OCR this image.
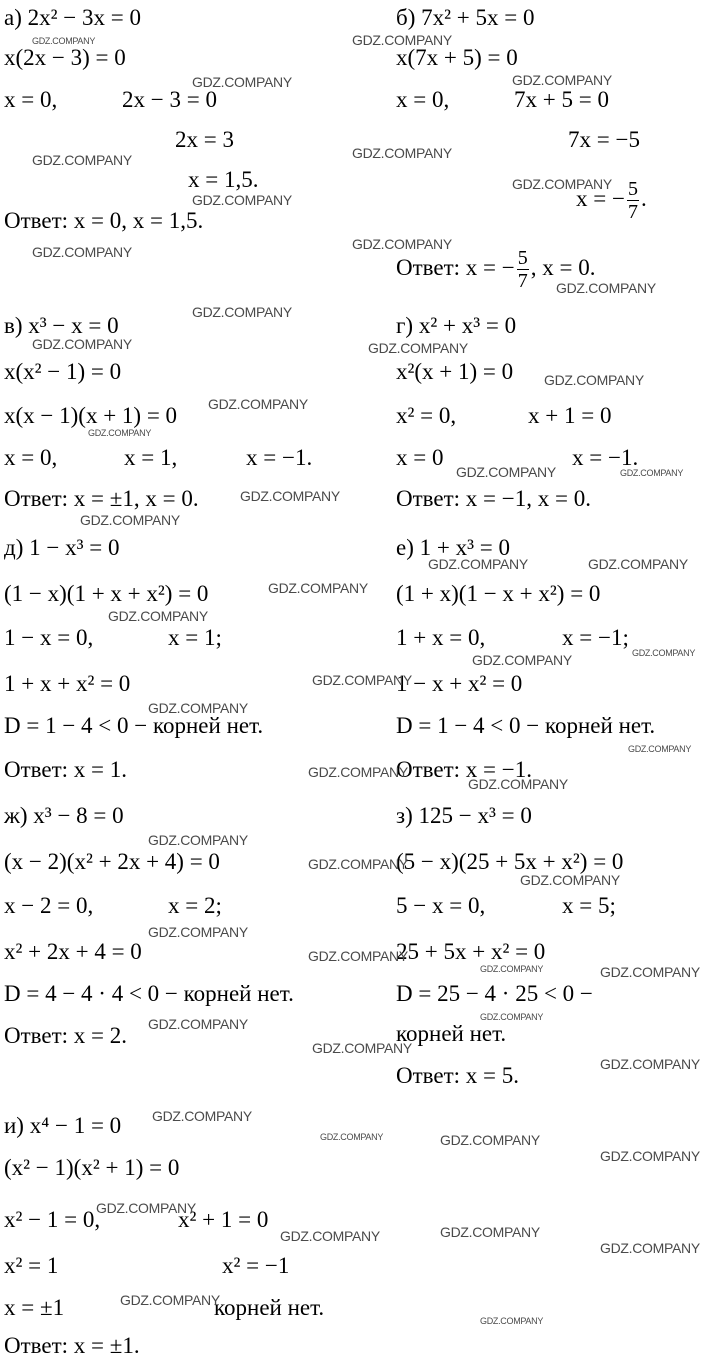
а) 2x² − 3x = 0
x(2x − 3) = 0
x = 0,	2x − 3 = 0
2x = 3
x = 1,5.
Ответ: x = 0, x = 1,5.
б) 7x² + 5x = 0
x(7x + 5) = 0
x = 0,	7x + 5 = 0
7x = −5
x = − $\frac{5}{7}$ .
Ответ: x = − $\frac{5}{7}$ , x = 0.
в) x³ − x = 0
x(x² − 1) = 0
x(x − 1)(x + 1) = 0
x = 0,	x = 1,	x = −1.
Ответ: x = ±1, x = 0.
г) x² + x³ = 0
x²(x + 1) = 0
x² = 0,	x + 1 = 0
x = 0	x = −1.
Ответ: x = −1, x = 0.
д) 1 − x³ = 0
(1 − x)(1 + x + x²) = 0
1 − x = 0,	x = 1;
1 + x + x² = 0
D = 1 − 4 < 0 − корней нет.
Ответ: x = 1.
е) 1 + x³ = 0
(1 + x)(1 − x + x²) = 0
1 + x = 0,	x = −1;
1 − x + x² = 0
D = 1 − 4 < 0 − корней нет.
Ответ: x = −1.
ж) x³ − 8 = 0
(x − 2)(x² + 2x + 4) = 0
x − 2 = 0,	x = 2;
x² + 2x + 4 = 0
D = 4 − 4 · 4 < 0 − корней нет.
Ответ: x = 2.
з) 125 − x³ = 0
(5 − x)(25 + 5x + x²) = 0
5 − x = 0,	x = 5;
25 + 5x + x² = 0
D = 25 − 4 · 25 < 0 −
корней нет.
Ответ: x = 5.
и) x⁴ − 1 = 0
(x² − 1)(x² + 1) = 0
x² − 1 = 0,	x² + 1 = 0
x² = 1	x² = −1
x = ±1	корней нет.
Ответ: x = ±1.
GDZ.COMPANY	GDZ.COMPANY
GDZ.COMPANY	GDZ.COMPANY
GDZ.COMPANY	GDZ.COMPANY
GDZ.COMPANY
GDZ.COMPANY
GDZ.COMPANY
GDZ.COMPANY
GDZ.COMPANY
GDZ.COMPANY
GDZ.COMPANY	GDZ.COMPANY
GDZ.COMPANY
GDZ.COMPANY
GDZ.COMPANY
GDZ.COMPANY	GDZ.COMPANY
GDZ.COMPANY
GDZ.COMPANY
GDZ.COMPANY	GDZ.COMPANY
GDZ.COMPANY
GDZ.COMPANY
GDZ.COMPANY
GDZ.COMPANY
GDZ.COMPANY
GDZ.COMPANY
GDZ.COMPANY
GDZ.COMPANY
GDZ.COMPANY
GDZ.COMPANY
GDZ.COMPANY
GDZ.COMPANY
GDZ.COMPANY
GDZ.COMPANY
GDZ.COMPANY	GDZ.COMPANY
GDZ.COMPANY
GDZ.COMPANY
GDZ.COMPANY
GDZ.COMPANY
GDZ.COMPANY
GDZ.COMPANY	GDZ.COMPANY
GDZ.COMPANY
GDZ.COMPANY
GDZ.COMPANY
GDZ.COMPANY
GDZ.COMPANY
GDZ.COMPANY
GDZ.COMPANY
